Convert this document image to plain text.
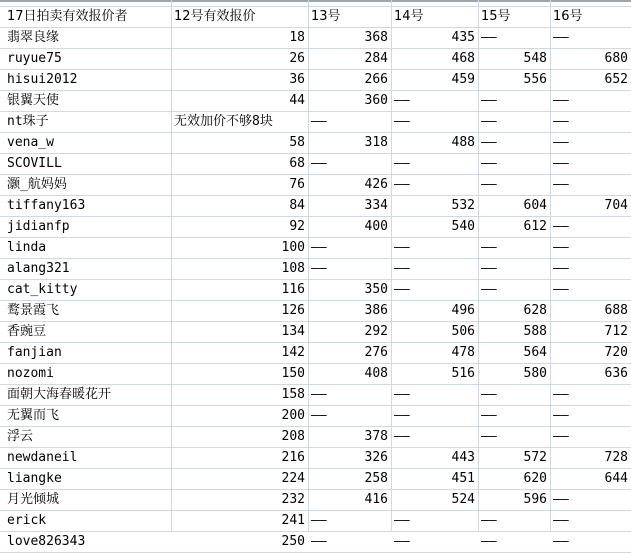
17日拍卖有效报价者	12号有效报价	13号	14号	15号	16号
翡翠良缘	18	368	435 ——	——
ruyue75	26	284	468	548	680
hisui2012	36	266	459	556	652
银翼天使	44	360 ——	——	——
nt珠子	无效加价不够8块	——	——	——	——
vena_w	58	318	488 ——	——
SCOVILL	68 ——	——	——	——
灏_航妈妈	76	426 ——	——	——
tiffany163	84	334	532	604	704
jidianfp	92	400	540	612 ——
linda	100 ——	——	——	——
alang321	108 ——	——	——	——
cat_kitty	116	350 ——	——	——
鹜景霞飞	126	386	496	628	688
香豌豆	134	292	506	588	712
fanjian	142	276	478	564	720
nozomi	150	408	516	580	636
面朝大海春暖花开	158 ——	——	——	——
无翼而飞	200 ——	——	——	——
浮云	208	378 ——	——	——
newdaneil	216	326	443	572	728
liangke	224	258	451	620	644
月光倾城	232	416	524	596 ——
erick	241 ——	——	——	——
love826343	250 ——	——	——	——
